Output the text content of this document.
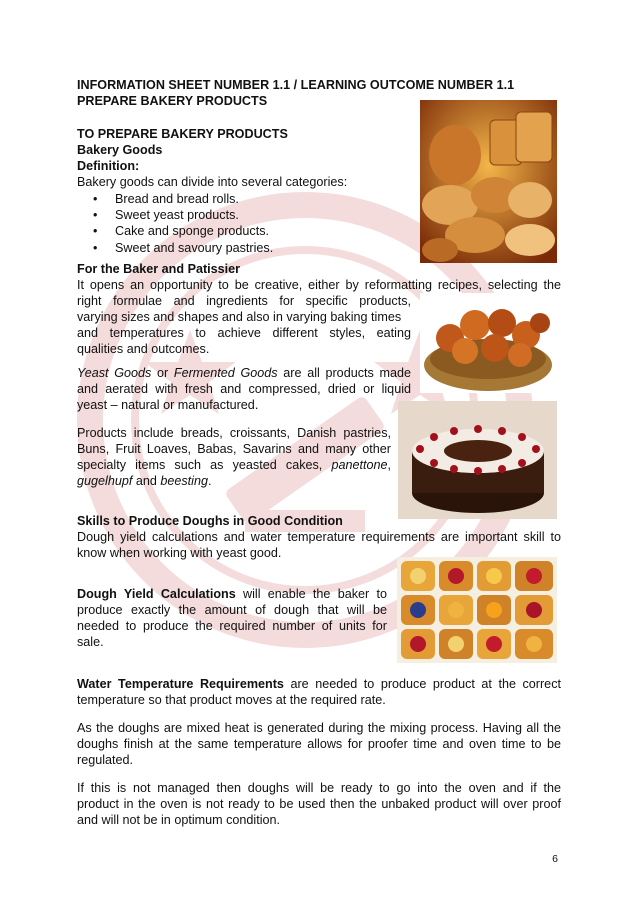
INFORMATION SHEET NUMBER 1.1 / LEARNING OUTCOME NUMBER 1.1

PREPARE BAKERY PRODUCTS

TO PREPARE BAKERY PRODUCTS

Bakery Goods

Definition:

Bakery goods can divide into several categories:

• Bread and bread rolls.
• Sweet yeast products.
• Cake and sponge products.
• Sweet and savoury pastries.

For the Baker and Patissier

It opens an opportunity to be creative, either by reformatting recipes, selecting the

right formulae and ingredients for specific products,

varying sizes and shapes and also in varying baking times

and temperatures to achieve different styles, eating

qualities and outcomes.

Yeast Goods or Fermented Goods are all products made

and aerated with fresh and compressed, dried or liquid

yeast – natural or manufactured.

Products include breads, croissants, Danish pastries,

Buns, Fruit Loaves, Babas, Savarins and many other

specialty items such as yeasted cakes, panettone,

gugelhupf and beesting.

Skills to Produce Doughs in Good Condition

Dough yield calculations and water temperature requirements are important skill to

know when working with yeast good.

Dough Yield Calculations will enable the baker to

produce exactly the amount of dough that will be

needed to produce the required number of units for

sale.

Water Temperature Requirements are needed to produce product at the correct

temperature so that product moves at the required rate.

As the doughs are mixed heat is generated during the mixing process. Having all the

doughs finish at the same temperature allows for proofer time and oven time to be

regulated.

If this is not managed then doughs will be ready to go into the oven and if the

product in the oven is not ready to be used then the unbaked product will over proof

and will not be in optimum condition.

6
